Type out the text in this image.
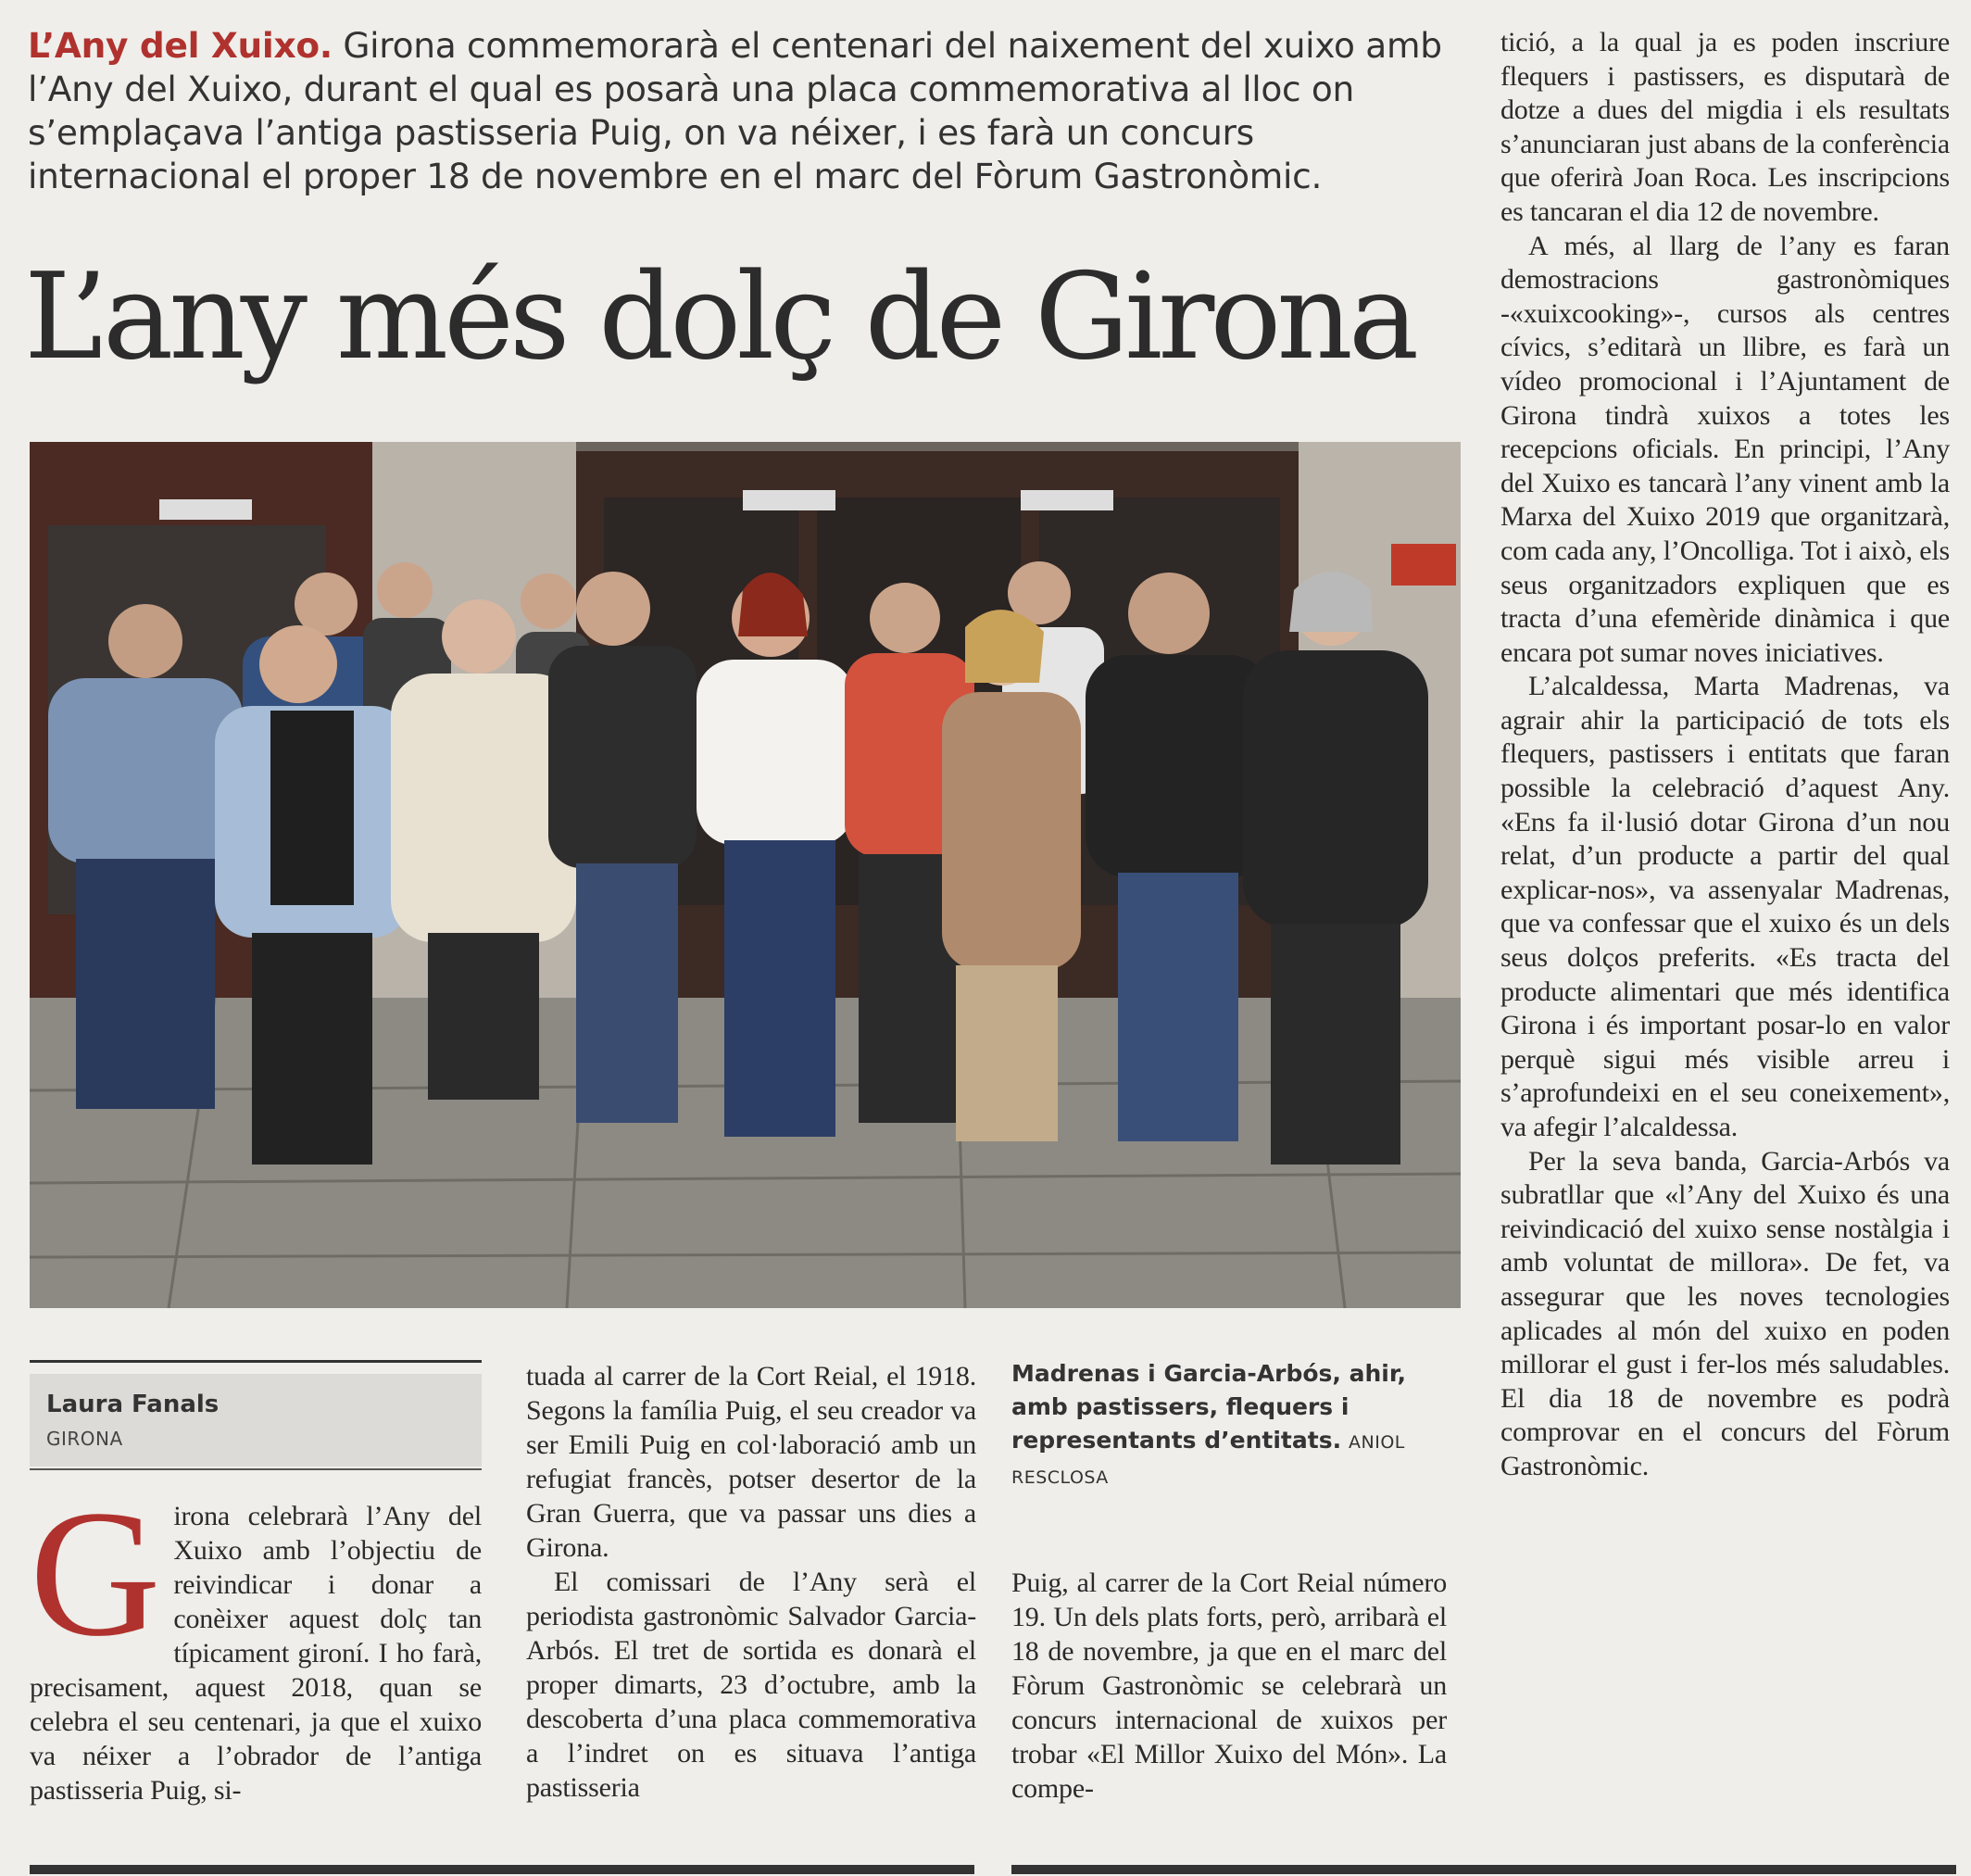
L’Any del Xuixo. Girona commemorarà el centenari del naixement del xuixo amb l’Any del Xuixo, durant el qual es posarà una placa commemorativa al lloc on s’emplaçava l’antiga pastisseria Puig, on va néixer, i es farà un concurs internacional el proper 18 de novembre en el marc del Fòrum Gastronòmic.
L’any més dolç de Girona
Laura Fanals
GIRONA
G irona celebrarà l’Any del Xuixo amb l’objectiu de reivindicar i donar a conèixer aquest dolç tan típicament gironí. I ho farà, precisament, aquest 2018, quan se celebra el seu centenari, ja que el xuixo va néixer a l’obrador de l’antiga pastisseria Puig, si-

tuada al carrer de la Cort Reial, el 1918. Segons la família Puig, el seu creador va ser Emili Puig en col·laboració amb un refugiat francès, potser desertor de la Gran Guerra, que va passar uns dies a Girona.

El comissari de l’Any serà el periodista gastronòmic Salvador Garcia-Arbós. El tret de sortida es donarà el proper dimarts, 23 d’octubre, amb la descoberta d’una placa commemorativa a l’indret on es situava l’antiga pastisseria

Madrenas i Garcia-Arbós, ahir, amb pastissers, flequers i representants d’entitats. ANIOL RESCLOSA

Puig, al carrer de la Cort Reial número 19. Un dels plats forts, però, arribarà el 18 de novembre, ja que en el marc del Fòrum Gastronòmic se celebrarà un concurs internacional de xuixos per trobar «El Millor Xuixo del Món». La compe-

tició, a la qual ja es poden inscriure flequers i pastissers, es disputarà de dotze a dues del migdia i els resultats s’anunciaran just abans de la conferència que oferirà Joan Roca. Les inscripcions es tancaran el dia 12 de novembre.

A més, al llarg de l’any es faran demostracions gastronòmiques -«xuixcooking»-, cursos als centres cívics, s’editarà un llibre, es farà un vídeo promocional i l’Ajuntament de Girona tindrà xuixos a totes les recepcions oficials. En principi, l’Any del Xuixo es tancarà l’any vinent amb la Marxa del Xuixo 2019 que organitzarà, com cada any, l’Oncolliga. Tot i això, els seus organitzadors expliquen que es tracta d’una efemèride dinàmica i que encara pot sumar noves iniciatives.

L’alcaldessa, Marta Madrenas, va agrair ahir la participació de tots els flequers, pastissers i entitats que faran possible la celebració d’aquest Any. «Ens fa il·lusió dotar Girona d’un nou relat, d’un producte a partir del qual explicar-nos», va assenyalar Madrenas, que va confessar que el xuixo és un dels seus dolços preferits. «Es tracta del producte alimentari que més identifica Girona i és important posar-lo en valor perquè sigui més visible arreu i s’aprofundeixi en el seu coneixement», va afegir l’alcaldessa.

Per la seva banda, Garcia-Arbós va subratllar que «l’Any del Xuixo és una reivindicació del xuixo sense nostàlgia i amb voluntat de millora». De fet, va assegurar que les noves tecnologies aplicades al món del xuixo en poden millorar el gust i fer-los més saludables. El dia 18 de novembre es podrà comprovar en el concurs del Fòrum Gastronòmic.
